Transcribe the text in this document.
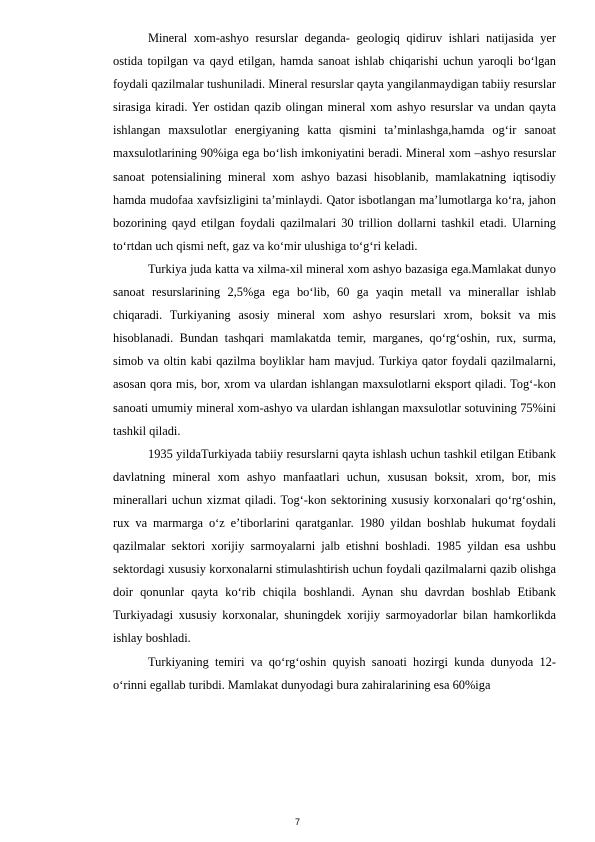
Mineral xom-ashyo resurslar deganda- geologiq qidiruv ishlari natijasida yer ostida topilgan va qayd etilgan, hamda sanoat ishlab chiqarishi uchun yaroqli bo‘lgan foydali qazilmalar tushuniladi. Mineral resurslar qayta yangilanmaydigan tabiiy resurslar sirasiga kiradi. Yer ostidan qazib olingan mineral xom ashyo resurslar va undan qayta ishlangan maxsulotlar energiyaning katta qismini ta’minlashga,hamda og‘ir sanoat maxsulotlarining 90%iga ega bo‘lish imkoniyatini beradi. Mineral xom –ashyo resurslar sanoat potensialining mineral xom ashyo bazasi hisoblanib, mamlakatning iqtisodiy hamda mudofaa xavfsizligini ta’minlaydi. Qator isbotlangan ma’lumotlarga ko‘ra, jahon bozorining qayd etilgan foydali qazilmalari 30 trillion dollarni tashkil etadi. Ularning to‘rtdan uch qismi neft, gaz va ko‘mir ulushiga to‘g‘ri keladi.

Turkiya juda katta va xilma-xil mineral xom ashyo bazasiga ega.Mamlakat dunyo sanoat resurslarining 2,5%ga ega bo‘lib, 60 ga yaqin metall va minerallar ishlab chiqaradi. Turkiyaning asosiy mineral xom ashyo resurslari xrom, boksit va mis hisoblanadi. Bundan tashqari mamlakatda temir, marganes, qo‘rg‘oshin, rux, surma, simob va oltin kabi qazilma boyliklar ham mavjud. Turkiya qator foydali qazilmalarni, asosan qora mis, bor, xrom va ulardan ishlangan maxsulotlarni eksport qiladi. Tog‘-kon sanoati umumiy mineral xom-ashyo va ulardan ishlangan maxsulotlar sotuvining 75%ini tashkil qiladi.

1935 yildaTurkiyada tabiiy resurslarni qayta ishlash uchun tashkil etilgan Etibank davlatning mineral xom ashyo manfaatlari uchun, xususan boksit, xrom, bor, mis minerallari uchun xizmat qiladi. Tog‘-kon sektorining xususiy korxonalari qo‘rg‘oshin, rux va marmarga o‘z e’tiborlarini qaratganlar. 1980 yildan boshlab hukumat foydali qazilmalar sektori xorijiy sarmoyalarni jalb etishni boshladi. 1985 yildan esa ushbu sektordagi xususiy korxonalarni stimulashtirish uchun foydali qazilmalarni qazib olishga doir qonunlar qayta ko‘rib chiqila boshlandi. Aynan shu davrdan boshlab Etibank Turkiyadagi xususiy korxonalar, shuningdek xorijiy sarmoyadorlar bilan hamkorlikda ishlay boshladi.

Turkiyaning temiri va qo‘rg‘oshin quyish sanoati hozirgi kunda dunyoda 12- o‘rinni egallab turibdi. Mamlakat dunyodagi bura zahiralarining esa 60%iga

7
